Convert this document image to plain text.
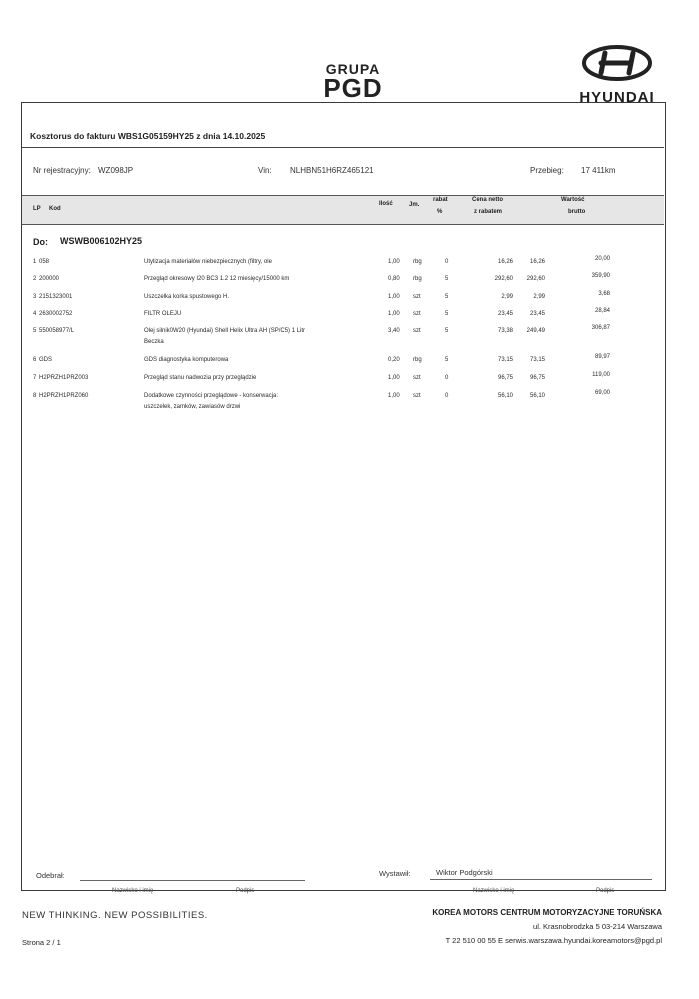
GRUPA
PGD	HYUNDAI
Kosztorus do fakturu WBS1G05159HY25 z dnia 14.10.2025
Nr rejestracyjny: WZ098JP	Vin: NLHBN51H6RZ465121	Przebieg: 17 411km
LP Kod
Ilość	Jm.
rabat
%
Cena netto
z rabatem
Wartość
brutto
Do: WSWB006102HY25
1 058	Utylizacja materiałów niebezpiecznych (filtry, ole	1,00 rbg	0	16,26	16,26	20,00
2 200000	Przegląd okresowy I20 BC3 1.2 12 miesięcy/15000 km	0,80 rbg	5	292,60	292,60	359,90
3 2151323001	Uszczelka korka spustowego H.	1,00 szt	5	2,99	2,99	3,68
4 2630002752	FILTR OLEJU	1,00 szt	5	23,45	23,45	28,84
5 550058977/L	Olej silnik0W20 (Hyundai) Shell Helix Ultra AH (SP/C5) 1 Litr
Beczka
3,40 szt	5	73,38	249,49	306,87
6 GDS	GDS diagnostyka komputerowa	0,20 rbg	5	73,15	73,15	89,97
7 H2PRZH1PRZ003	Przegląd stanu nadwozia przy przeglądzie	1,00 szt	0	96,75	96,75	119,00
8 H2PRZH1PRZ060	Dodatkowe czynności przeglądowe - konserwacja:
uszczelek, zamków, zawiasów drzwi
1,00 szt	0	56,10	56,10	69,00
Odebrał:
Nazwisko i imię	Podpis
Wystawił:	Wiktor Podgórski
Nazwisko i imię	Podpis
NEW THINKING. NEW POSSIBILITIES.	KOREA MOTORS CENTRUM MOTORYZACYJNE TORUŃSKA
ul. Krasnobrodzka 5 03-214 Warszawa
T 22 510 00 55 E serwis.warszawa.hyundai.koreamotors@pgd.pl
Strona 2 / 1
